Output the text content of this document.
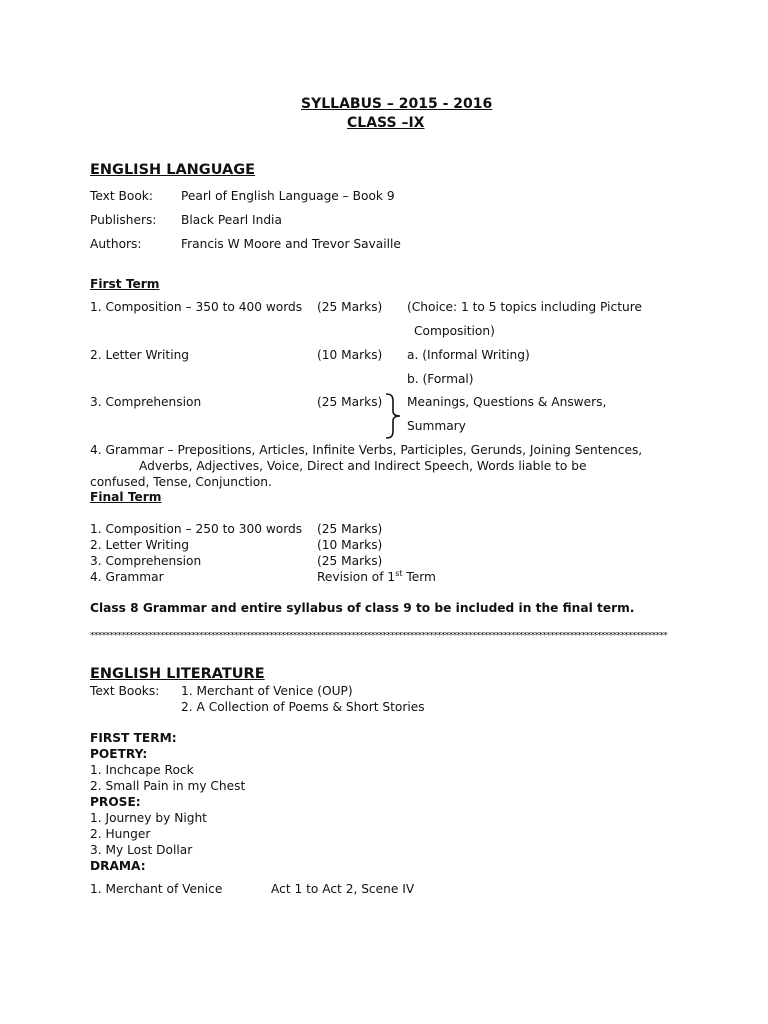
SYLLABUS – 2015 - 2016
CLASS –IX
ENGLISH LANGUAGE
Text Book: Pearl of English Language – Book 9
Publishers: Black Pearl India
Authors:	Francis W Moore and Trevor Savaille
First Term
1. Composition – 350 to 400 words (25 Marks) (Choice: 1 to 5 topics including Picture
Composition)
2. Letter Writing	(10 Marks) a. (Informal Writing)
b. (Formal)
3. Comprehension	(25 Marks) Meanings, Questions & Answers,
Summary
4. Grammar – Prepositions, Articles, Infinite Verbs, Participles, Gerunds, Joining Sentences,
Adverbs, Adjectives, Voice, Direct and Indirect Speech, Words liable to be
confused, Tense, Conjunction.
Final Term
1. Composition – 250 to 300 words (25 Marks)
2. Letter Writing	(10 Marks)
3. Comprehension	(25 Marks)
4. Grammar	Revision of 1st Term
Class 8 Grammar and entire syllabus of class 9 to be included in the final term.
****************************************************************************************************************************************************
ENGLISH LITERATURE
Text Books: 1. Merchant of Venice (OUP)
2. A Collection of Poems & Short Stories
FIRST TERM:
POETRY:
1. Inchcape Rock
2. Small Pain in my Chest
PROSE:
1. Journey by Night
2. Hunger
3. My Lost Dollar
DRAMA:
1. Merchant of Venice	Act 1 to Act 2, Scene IV
